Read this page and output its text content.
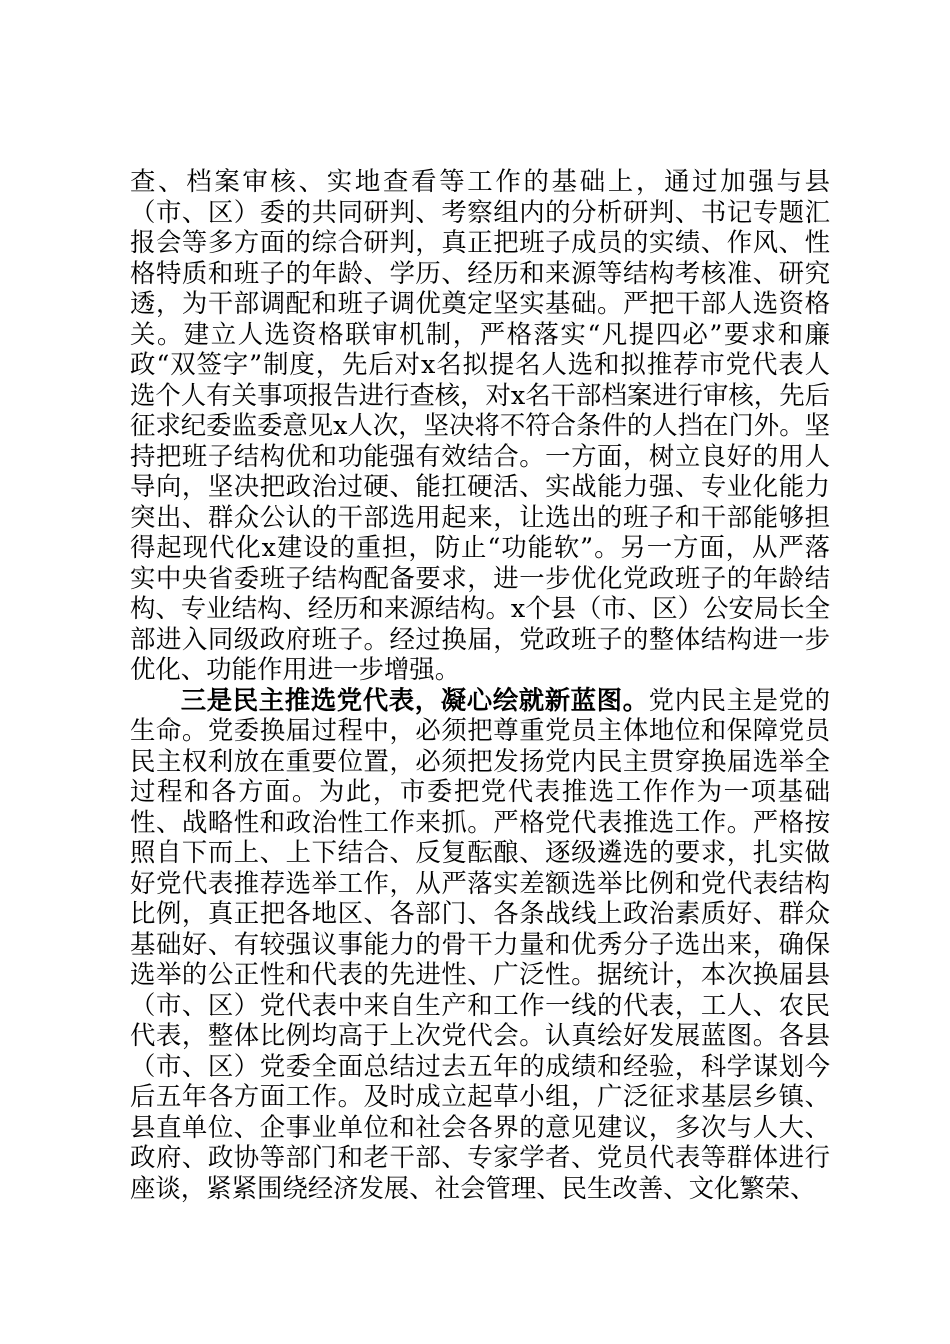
查、档案审核、实地查看等工作的基础上，通过加强与县（市、区）委的共同研判、考察组内的分析研判、书记专题汇报会等多方面的综合研判，真正把班子成员的实绩、作风、性格特质和班子的年龄、学历、经历和来源等结构考核准、研究透，为干部调配和班子调优奠定坚实基础。严把干部人选资格关。建立人选资格联审机制，严格落实“凡提四必”要求和廉政“双签字”制度，先后对x名拟提名人选和拟推荐市党代表人选个人有关事项报告进行查核，对x名干部档案进行审核，先后征求纪委监委意见x人次，坚决将不符合条件的人挡在门外。坚持把班子结构优和功能强有效结合。一方面，树立良好的用人导向，坚决把政治过硬、能扛硬活、实战能力强、专业化能力突出、群众公认的干部选用起来，让选出的班子和干部能够担得起现代化x建设的重担，防止“功能软”。另一方面，从严落实中央省委班子结构配备要求，进一步优化党政班子的年龄结构、专业结构、经历和来源结构。x个县（市、区）公安局长全部进入同级政府班子。经过换届，党政班子的整体结构进一步优化、功能作用进一步增强。

三是民主推选党代表，凝心绘就新蓝图。党内民主是党的生命。党委换届过程中，必须把尊重党员主体地位和保障党员民主权利放在重要位置，必须把发扬党内民主贯穿换届选举全过程和各方面。为此，市委把党代表推选工作作为一项基础性、战略性和政治性工作来抓。严格党代表推选工作。严格按照自下而上、上下结合、反复酝酿、逐级遴选的要求，扎实做好党代表推荐选举工作，从严落实差额选举比例和党代表结构比例，真正把各地区、各部门、各条战线上政治素质好、群众基础好、有较强议事能力的骨干力量和优秀分子选出来，确保选举的公正性和代表的先进性、广泛性。据统计，本次换届县（市、区）党代表中来自生产和工作一线的代表，工人、农民代表，整体比例均高于上次党代会。认真绘好发展蓝图。各县（市、区）党委全面总结过去五年的成绩和经验，科学谋划今后五年各方面工作。及时成立起草小组，广泛征求基层乡镇、县直单位、企事业单位和社会各界的意见建议，多次与人大、政府、政协等部门和老干部、专家学者、党员代表等群体进行座谈，紧紧围绕经济发展、社会管理、民生改善、文化繁荣、
